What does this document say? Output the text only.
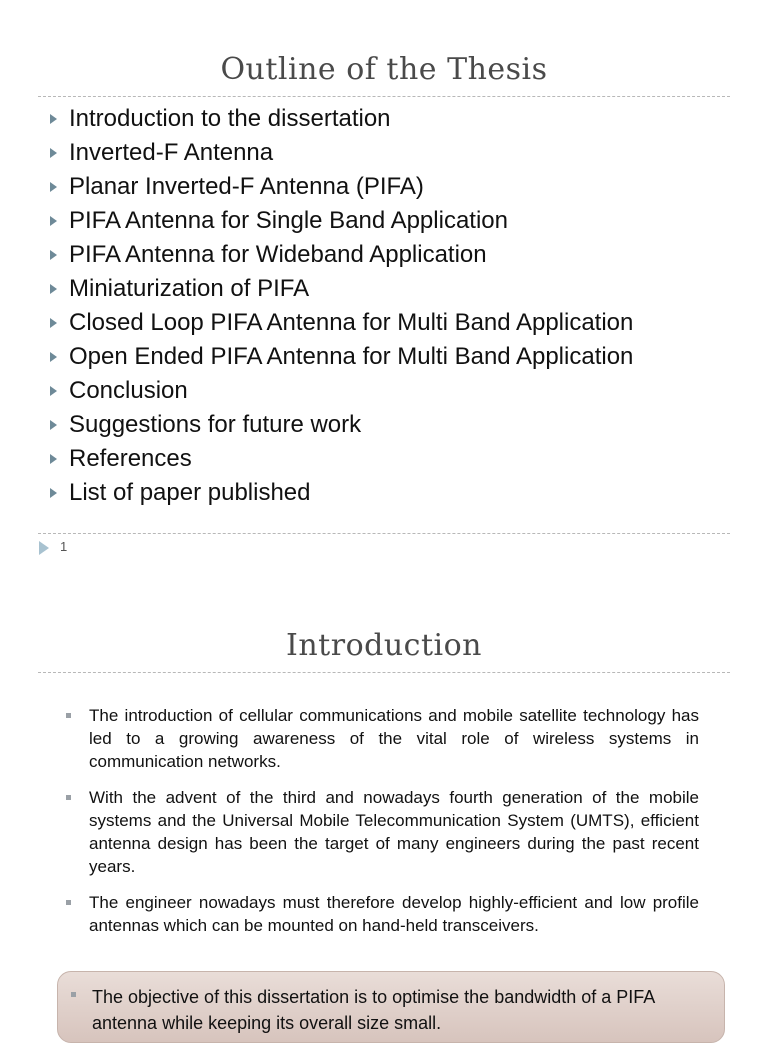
Outline of the Thesis
Introduction to the dissertation
Inverted-F Antenna
Planar Inverted-F Antenna (PIFA)
PIFA Antenna for Single Band Application
PIFA Antenna for Wideband Application
Miniaturization of PIFA
Closed Loop PIFA Antenna for Multi Band Application
Open Ended PIFA Antenna for Multi Band Application
Conclusion
Suggestions for future work
References
List of paper published
1
Introduction
The introduction of cellular communications and mobile satellite technology has led to a growing awareness of the vital role of wireless systems in communication networks.
With the advent of the third and nowadays fourth generation of the mobile systems and the Universal Mobile Telecommunication System (UMTS), efficient antenna design has been the target of many engineers during the past recent years.
The engineer nowadays must therefore develop highly-efficient and low profile antennas which can be mounted on hand-held transceivers.
The objective of this dissertation is to optimise the bandwidth of a PIFA antenna while keeping its overall size small.
